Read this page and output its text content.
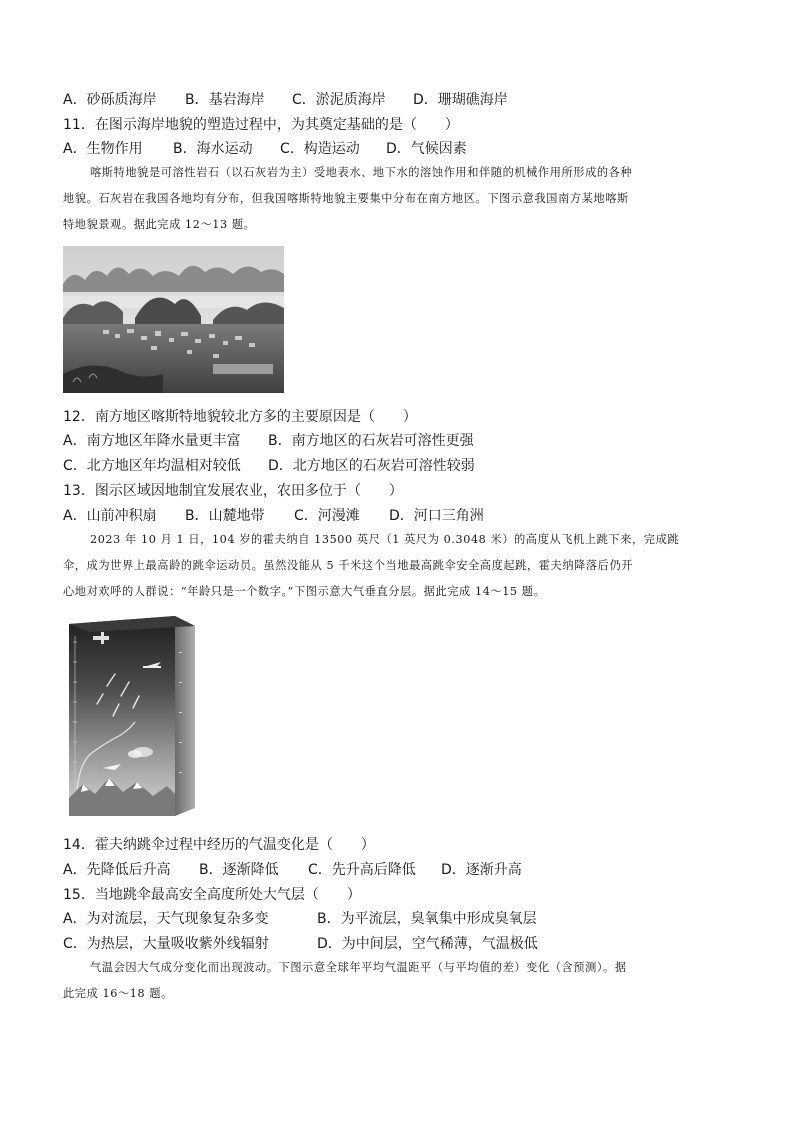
A．砂砾质海岸 B．基岩海岸 C．淤泥质海岸 D．珊瑚礁海岸
11．在图示海岸地貌的塑造过程中，为其奠定基础的是（　　）
A．生物作用 B．海水运动 C．构造运动 D．气候因素
喀斯特地貌是可溶性岩石（以石灰岩为主）受地表水、地下水的溶蚀作用和伴随的机械作用所形成的各种
地貌。石灰岩在我国各地均有分布，但我国喀斯特地貌主要集中分布在南方地区。下图示意我国南方某地喀斯
特地貌景观。据此完成 12～13 题。
12．南方地区喀斯特地貌较北方多的主要原因是（　　）
A．南方地区年降水量更丰富 B．南方地区的石灰岩可溶性更强
C．北方地区年均温相对较低 D．北方地区的石灰岩可溶性较弱
13．图示区域因地制宜发展农业，农田多位于（　　）
A．山前冲积扇 B．山麓地带 C．河漫滩 D．河口三角洲
2023 年 10 月 1 日，104 岁的霍夫纳自 13500 英尺（1 英尺为 0.3048 米）的高度从飞机上跳下来，完成跳
伞，成为世界上最高龄的跳伞运动员。虽然没能从 5 千米这个当地最高跳伞安全高度起跳，霍夫纳降落后仍开
心地对欢呼的人群说：“年龄只是一个数字。”下图示意大气垂直分层。据此完成 14～15 题。
14．霍夫纳跳伞过程中经历的气温变化是（　　）
A．先降低后升高 B．逐渐降低 C．先升高后降低 D．逐渐升高
15．当地跳伞最高安全高度所处大气层（　　）
A．为对流层，天气现象复杂多变	B．为平流层，臭氧集中形成臭氧层
C．为热层，大量吸收紫外线辐射	D．为中间层，空气稀薄，气温极低
气温会因大气成分变化而出现波动。下图示意全球年平均气温距平（与平均值的差）变化（含预测）。据
此完成 16～18 题。
